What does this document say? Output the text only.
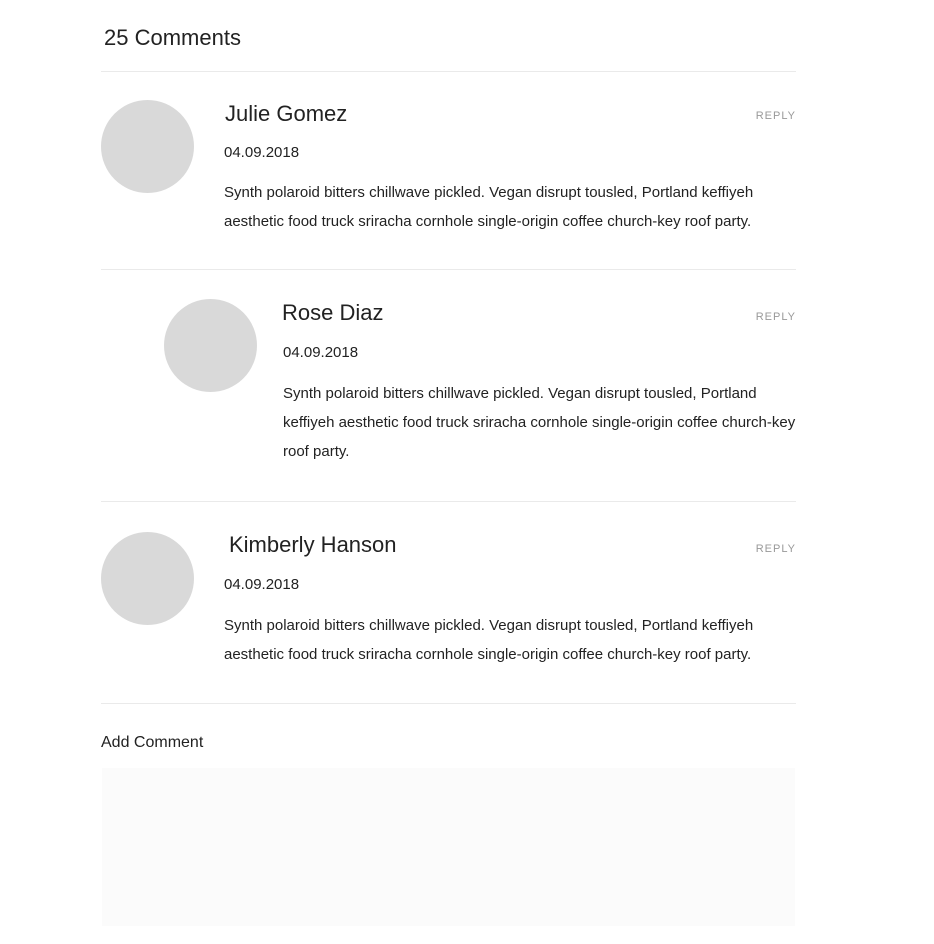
25 Comments
Julie Gomez	REPLY
04.09.2018

Synth polaroid bitters chillwave pickled. Vegan disrupt tousled, Portland keffiyeh aesthetic food truck sriracha cornhole single-origin coffee church-key roof party.

Rose Diaz	REPLY
04.09.2018

Synth polaroid bitters chillwave pickled. Vegan disrupt tousled, Portland keffiyeh aesthetic food truck sriracha cornhole single-origin coffee church-key roof party.

Kimberly Hanson	REPLY
04.09.2018

Synth polaroid bitters chillwave pickled. Vegan disrupt tousled, Portland keffiyeh aesthetic food truck sriracha cornhole single-origin coffee church-key roof party.

Add Comment
